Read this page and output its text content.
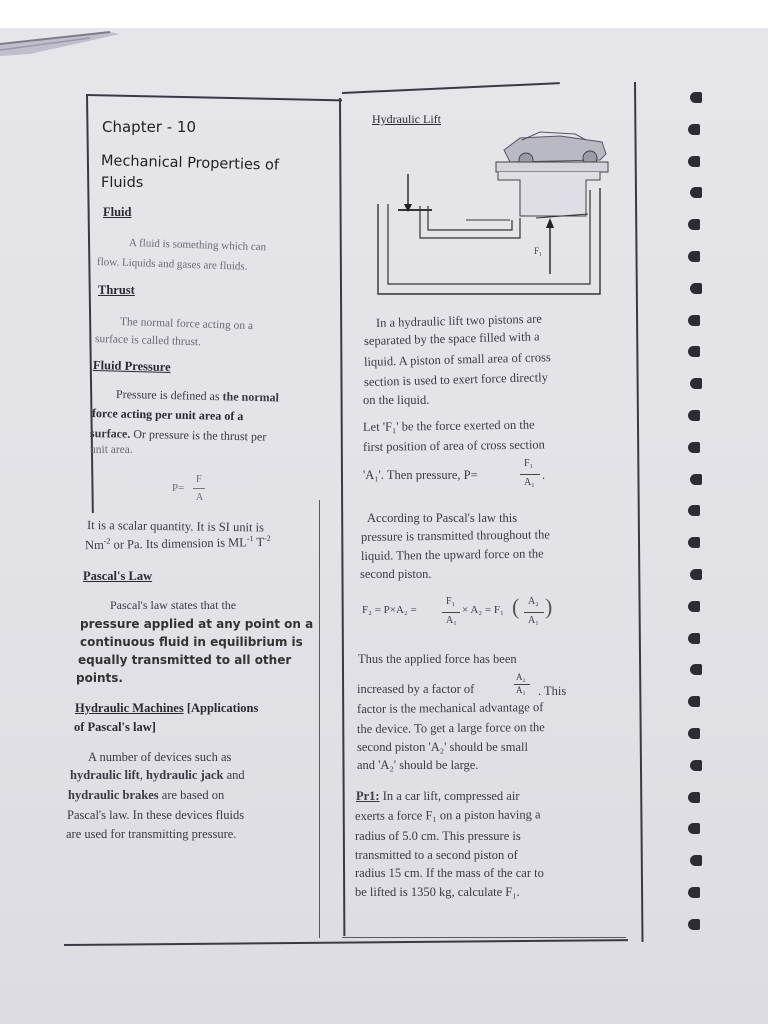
Chapter - 10
Mechanical Properties of
Fluids
Fluid
A fluid is something which can
flow. Liquids and gases are fluids.
Thrust
The normal force acting on a
surface is called thrust.
Fluid Pressure
Pressure is defined as the normal
force acting per unit area of a
surface. Or pressure is the thrust per
unit area.
P=
F
A
It is a scalar quantity. It is SI unit is
$Nm^{-2}$ or Pa. Its dimension is $ML^{-1}$ $T^{-2}$
Pascal's Law
Pascal's law states that the
pressure applied at any point on a
continuous fluid in equilibrium is
equally transmitted to all other
points.
Hydraulic Machines [Applications
of Pascal's law]
A number of devices such as
hydraulic lift, hydraulic jack and
hydraulic brakes are based on
Pascal's law. In these devices fluids
are used for transmitting pressure.
Hydraulic Lift
F₁
In a hydraulic lift two pistons are
separated by the space filled with a
liquid. A piston of small area of cross
section is used to exert force directly
on the liquid.
Let 'F₁' be the force exerted on the
first position of area of cross section
'A₁'. Then pressure, P=
F₁
A₁
.
According to Pascal's law this
pressure is transmitted throughout the
liquid. Then the upward force on the
second piston.
F₂ = P×A₂ =
F₁
A₁
× A₂ = F₁ ( A₂
A₁
)
Thus the applied force has been
increased by a factor of
A₂
A₁ . This
factor is the mechanical advantage of
the device. To get a large force on the
second piston 'A₂' should be small
and 'A₂' should be large.
Pr1: In a car lift, compressed air
exerts a force F₁ on a piston having a
radius of 5.0 cm. This pressure is
transmitted to a second piston of
radius 15 cm. If the mass of the car to
be lifted is 1350 kg, calculate F₁.
